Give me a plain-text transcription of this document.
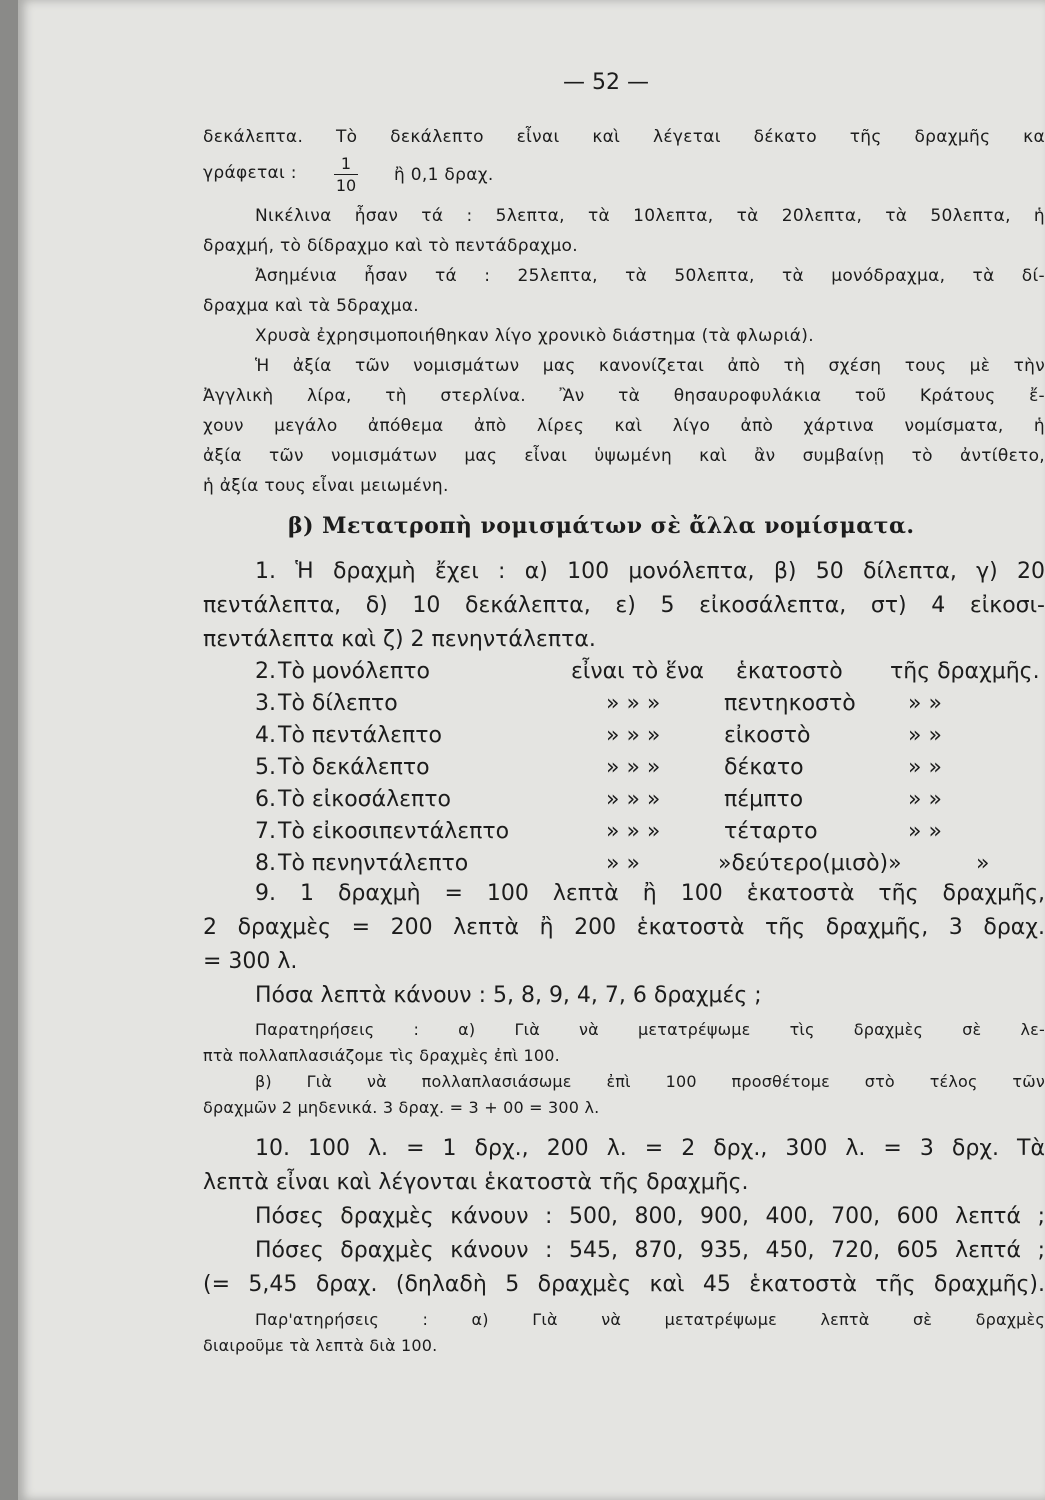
— 52 —
δεκάλεπτα. Τὸ δεκάλεπτο εἶναι καὶ λέγεται δέκατο τῆς δραχμῆς κα
γράφεται :	1
10
ἢ 0,1 δραχ.
Νικέλινα ἦσαν τά : 5λεπτα, τὰ 10λεπτα, τὰ 20λεπτα, τὰ 50λεπτα, ἡ
δραχμή, τὸ δίδραχμο καὶ τὸ πεντάδραχμο.
Ἀσημένια ἦσαν τά : 25λεπτα, τὰ 50λεπτα, τὰ μονόδραχμα, τὰ δί-
δραχμα καὶ τὰ 5δραχμα.
Χρυσὰ ἐχρησιμοποιήθηκαν λίγο χρονικὸ διάστημα (τὰ φλωριά).
Ἡ ἀξία τῶν νομισμάτων μας κανονίζεται ἀπὸ τὴ σχέση τους μὲ τὴν
Ἀγγλικὴ λίρα, τὴ στερλίνα. Ἂν τὰ θησαυροφυλάκια τοῦ Κράτους ἔ-
χουν μεγάλο ἀπόθεμα ἀπὸ λίρες καὶ λίγο ἀπὸ χάρτινα νομίσματα, ἡ
ἀξία τῶν νομισμάτων μας εἶναι ὑψωμένη καὶ ἂν συμβαίνῃ τὸ ἀντίθετο,
ἡ ἀξία τους εἶναι μειωμένη.
β) Μετατροπὴ νομισμάτων σὲ ἄλλα νομίσματα.
1. Ἡ δραχμὴ ἔχει : α) 100 μονόλεπτα, β) 50 δίλεπτα, γ) 20
πεντάλεπτα, δ) 10 δεκάλεπτα, ε) 5 εἰκοσάλεπτα, στ) 4 εἰκοσι-
πεντάλεπτα καὶ ζ) 2 πενηντάλεπτα.
2. Τὸ μονόλεπτο	εἶναι τὸ ἕνα ἑκατοστὸ τῆς δραχμῆς.
3. Τὸ δίλεπτο	» » »	πεντηκοστὸ » »
4. Τὸ πεντάλεπτο	» » »	εἰκοστὸ	» »
5. Τὸ δεκάλεπτο	» » »	δέκατο	» »
6. Τὸ εἰκοσάλεπτο	» » »	πέμπτο	» »
7. Τὸ εἰκοσιπεντάλεπτο	» » »	τέταρτο	» »
8. Τὸ πενηντάλεπτο	» »	»δεύτερο(μισὸ)»	»
9. 1 δραχμὴ = 100 λεπτὰ ἢ 100 ἑκατοστὰ τῆς δραχμῆς,
2 δραχμὲς = 200 λεπτὰ ἢ 200 ἑκατοστὰ τῆς δραχμῆς, 3 δραχ.
= 300 λ.
Πόσα λεπτὰ κάνουν : 5, 8, 9, 4, 7, 6 δραχμές ;
Παρατηρήσεις : α) Γιὰ νὰ μετατρέψωμε τὶς δραχμὲς σὲ λε-
πτὰ πολλαπλασιάζομε τὶς δραχμὲς ἐπὶ 100.
β) Γιὰ νὰ πολλαπλασιάσωμε ἐπὶ 100 προσθέτομε στὸ τέλος τῶν
δραχμῶν 2 μηδενικά. 3 δραχ. = 3 + 00 = 300 λ.
10. 100 λ. = 1 δρχ., 200 λ. = 2 δρχ., 300 λ. = 3 δρχ. Τὰ
λεπτὰ εἶναι καὶ λέγονται ἑκατοστὰ τῆς δραχμῆς.
Πόσες δραχμὲς κάνουν : 500, 800, 900, 400, 700, 600 λεπτά ;
Πόσες δραχμὲς κάνουν : 545, 870, 935, 450, 720, 605 λεπτά ;
(= 5,45 δραχ. (δηλαδὴ 5 δραχμὲς καὶ 45 ἑκατοστὰ τῆς δραχμῆς).
Παρ'ατηρήσεις : α) Γιὰ νὰ μετατρέψωμε λεπτὰ σὲ δραχμὲς
διαιροῦμε τὰ λεπτὰ διὰ 100.
